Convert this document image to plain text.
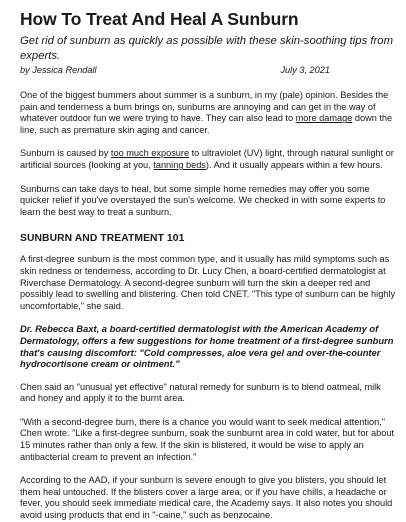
How To Treat And Heal A Sunburn
Get rid of sunburn as quickly as possible with these skin-soothing tips from experts.
by Jessica Rendall	July 3, 2021

One of the biggest bummers about summer is a sunburn, in my (pale) opinion. Besides the pain and tenderness a burn brings on, sunburns are annoying and can get in the way of whatever outdoor fun we were trying to have. They can also lead to more damage down the line, such as premature skin aging and cancer.

Sunburn is caused by too much exposure to ultraviolet (UV) light, through natural sunlight or artificial sources (looking at you, tanning beds). And it usually appears within a few hours.

Sunburns can take days to heal, but some simple home remedies may offer you some quicker relief if you've overstayed the sun's welcome. We checked in with some experts to learn the best way to treat a sunburn.

SUNBURN AND TREATMENT 101

A first-degree sunburn is the most common type, and it usually has mild symptoms such as skin redness or tenderness, according to Dr. Lucy Chen, a board-certified dermatologist at Riverchase Dermatology. A second-degree sunburn will turn the skin a deeper red and possibly lead to swelling and blistering. Chen told CNET. "This type of sunburn can be highly uncomfortable," she said.

Dr. Rebecca Baxt, a board-certified dermatologist with the American Academy of Dermatology, offers a few suggestions for home treatment of a first-degree sunburn that's causing discomfort: "Cold compresses, aloe vera gel and over-the-counter hydrocortisone cream or ointment."

Chen said an "unusual yet effective" natural remedy for sunburn is to blend oatmeal, milk and honey and apply it to the burnt area.

"With a second-degree burn, there is a chance you would want to seek medical attention," Chen wrote. "Like a first-degree sunburn, soak the sunburnt area in cold water, but for about 15 minutes rather than only a few. If the skin is blistered, it would be wise to apply an antibacterial cream to prevent an infection."

According to the AAD, if your sunburn is severe enough to give you blisters, you should let them heal untouched. If the blisters cover a large area, or if you have chills, a headache or fever, you should seek immediate medical care, the Academy says. It also notes you should avoid using products that end in "-caine," such as benzocaine.
